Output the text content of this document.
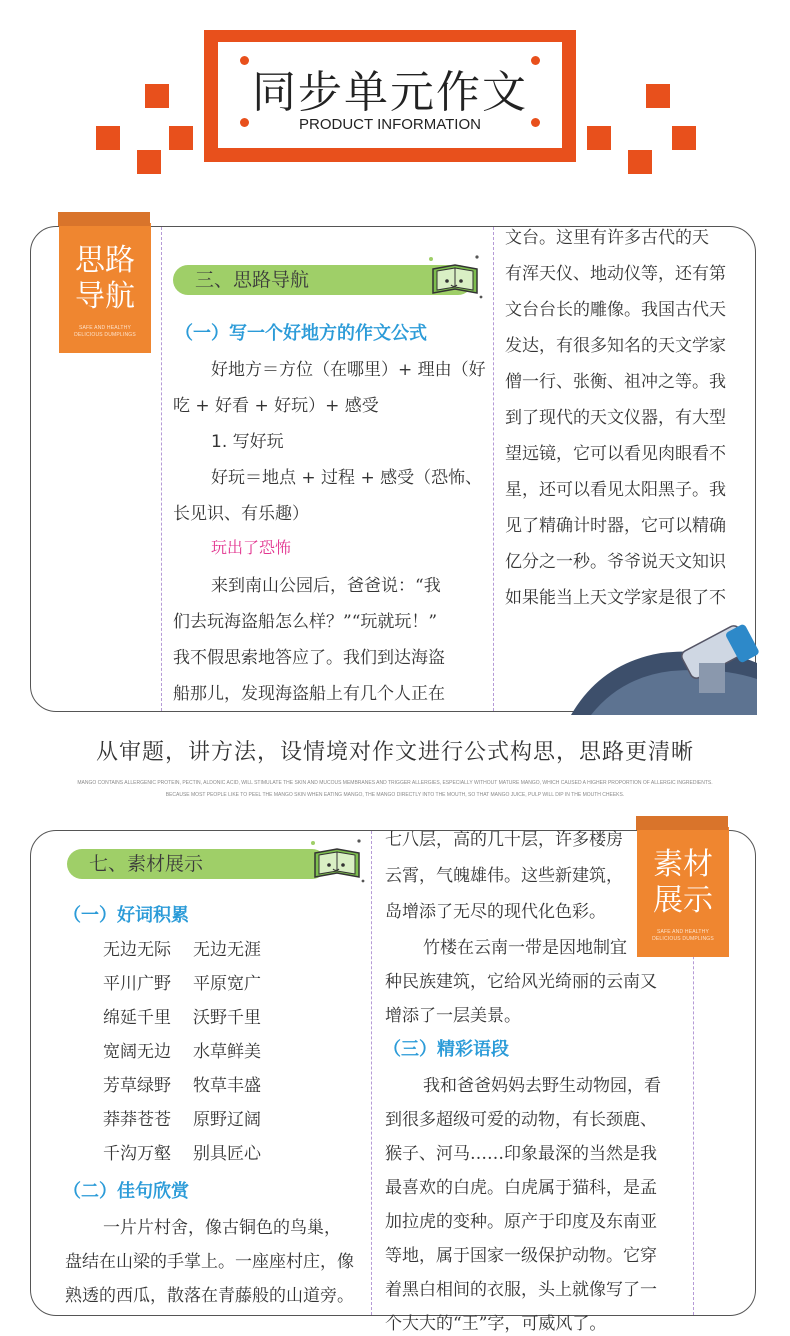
同步单元作文
PRODUCT INFORMATION
三、思路导航
（一）写一个好地方的作文公式
好地方＝方位（在哪里）+ 理由（好
吃 + 好看 + 好玩）+ 感受
1. 写好玩
好玩＝地点 + 过程 + 感受（恐怖、
长见识、有乐趣）
玩出了恐怖
来到南山公园后，爸爸说：“我
们去玩海盗船怎么样？”“玩就玩！”
我不假思索地答应了。我们到达海盗
船那儿，发现海盗船上有几个人正在
文台。这里有许多古代的天
有浑天仪、地动仪等，还有第
文台台长的雕像。我国古代天
发达，有很多知名的天文学家
僧一行、张衡、祖冲之等。我
到了现代的天文仪器，有大型
望远镜，它可以看见肉眼看不
星，还可以看见太阳黑子。我
见了精确计时器，它可以精确
亿分之一秒。爷爷说天文知识
如果能当上天文学家是很了不
思路
导航
SAFE AND HEALTHY
DELICIOUS DUMPLINGS
从审题，讲方法，设情境对作文进行公式构思，思路更清晰
MANGO CONTAINS ALLERGENIC PROTEIN, PECTIN, ALDONIC ACID, WILL STIMULATE THE SKIN AND MUCOUS MEMBRANES AND TRIGGER ALLERGIES, ESPECIALLY WITHOUT MATURE MANGO, WHICH CAUSED A HIGHER PROPORTION OF ALLERGIC INGREDIENTS.
BECAUSE MOST PEOPLE LIKE TO PEEL THE MANGO SKIN WHEN EATING MANGO, THE MANGO DIRECTLY INTO THE MOUTH, SO THAT MANGO JUICE, PULP WILL DIP IN THE MOUTH CHEEKS.
七、素材展示
（一）好词积累
无边无际 无边无涯
平川广野 平原宽广
绵延千里 沃野千里
宽阔无边 水草鲜美
芳草绿野 牧草丰盛
莽莽苍苍 原野辽阔
千沟万壑 别具匠心
（二）佳句欣赏
一片片村舍，像古铜色的鸟巢，
盘结在山梁的手掌上。一座座村庄，像
熟透的西瓜，散落在青藤般的山道旁。
七八层，高的几十层，许多楼房
云霄，气魄雄伟。这些新建筑，
岛增添了无尽的现代化色彩。
竹楼在云南一带是因地制宜
种民族建筑，它给风光绮丽的云南又
增添了一层美景。
（三）精彩语段
我和爸爸妈妈去野生动物园，看
到很多超级可爱的动物，有长颈鹿、
猴子、河马……印象最深的当然是我
最喜欢的白虎。白虎属于猫科，是孟
加拉虎的变种。原产于印度及东南亚
等地，属于国家一级保护动物。它穿
着黑白相间的衣服，头上就像写了一
个大大的“王”字，可威风了。
素材
展示
SAFE AND HEALTHY
DELICIOUS DUMPLINGS
